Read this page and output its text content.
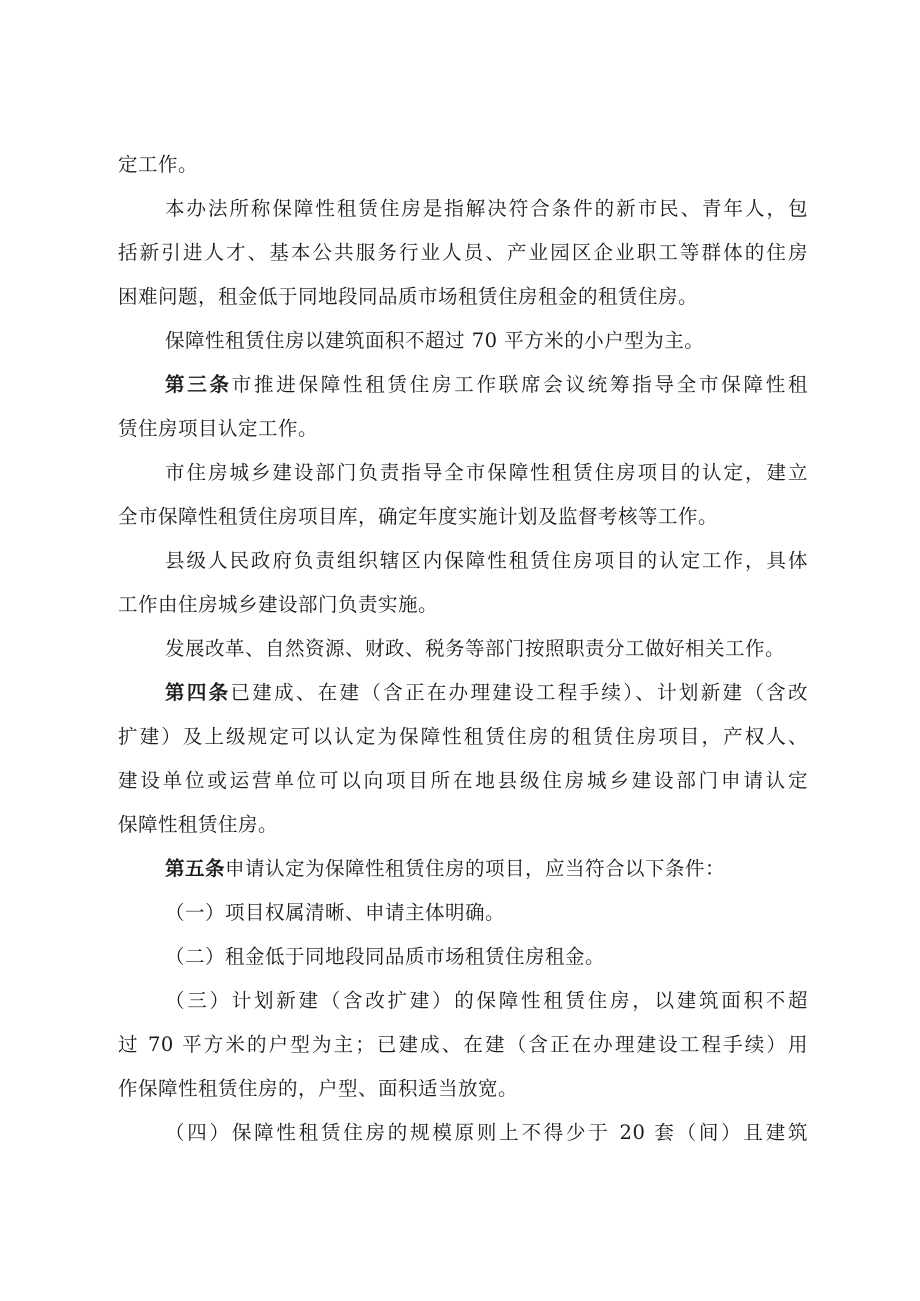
定工作。
本办法所称保障性租赁住房是指解决符合条件的新市民、青年人，包
括新引进人才、基本公共服务行业人员、产业园区企业职工等群体的住房
困难问题，租金低于同地段同品质市场租赁住房租金的租赁住房。
保障性租赁住房以建筑面积不超过 70 平方米的小户型为主。
第三条市推进保障性租赁住房工作联席会议统筹指导全市保障性租
赁住房项目认定工作。
市住房城乡建设部门负责指导全市保障性租赁住房项目的认定，建立
全市保障性租赁住房项目库，确定年度实施计划及监督考核等工作。
县级人民政府负责组织辖区内保障性租赁住房项目的认定工作，具体
工作由住房城乡建设部门负责实施。
发展改革、自然资源、财政、税务等部门按照职责分工做好相关工作。
第四条已建成、在建（含正在办理建设工程手续）、计划新建（含改
扩建）及上级规定可以认定为保障性租赁住房的租赁住房项目，产权人、
建设单位或运营单位可以向项目所在地县级住房城乡建设部门申请认定
保障性租赁住房。
第五条申请认定为保障性租赁住房的项目，应当符合以下条件：
（一）项目权属清晰、申请主体明确。
（二）租金低于同地段同品质市场租赁住房租金。
（三）计划新建（含改扩建）的保障性租赁住房，以建筑面积不超
过 70 平方米的户型为主；已建成、在建（含正在办理建设工程手续）用
作保障性租赁住房的，户型、面积适当放宽。
（四）保障性租赁住房的规模原则上不得少于 20 套（间）且建筑
